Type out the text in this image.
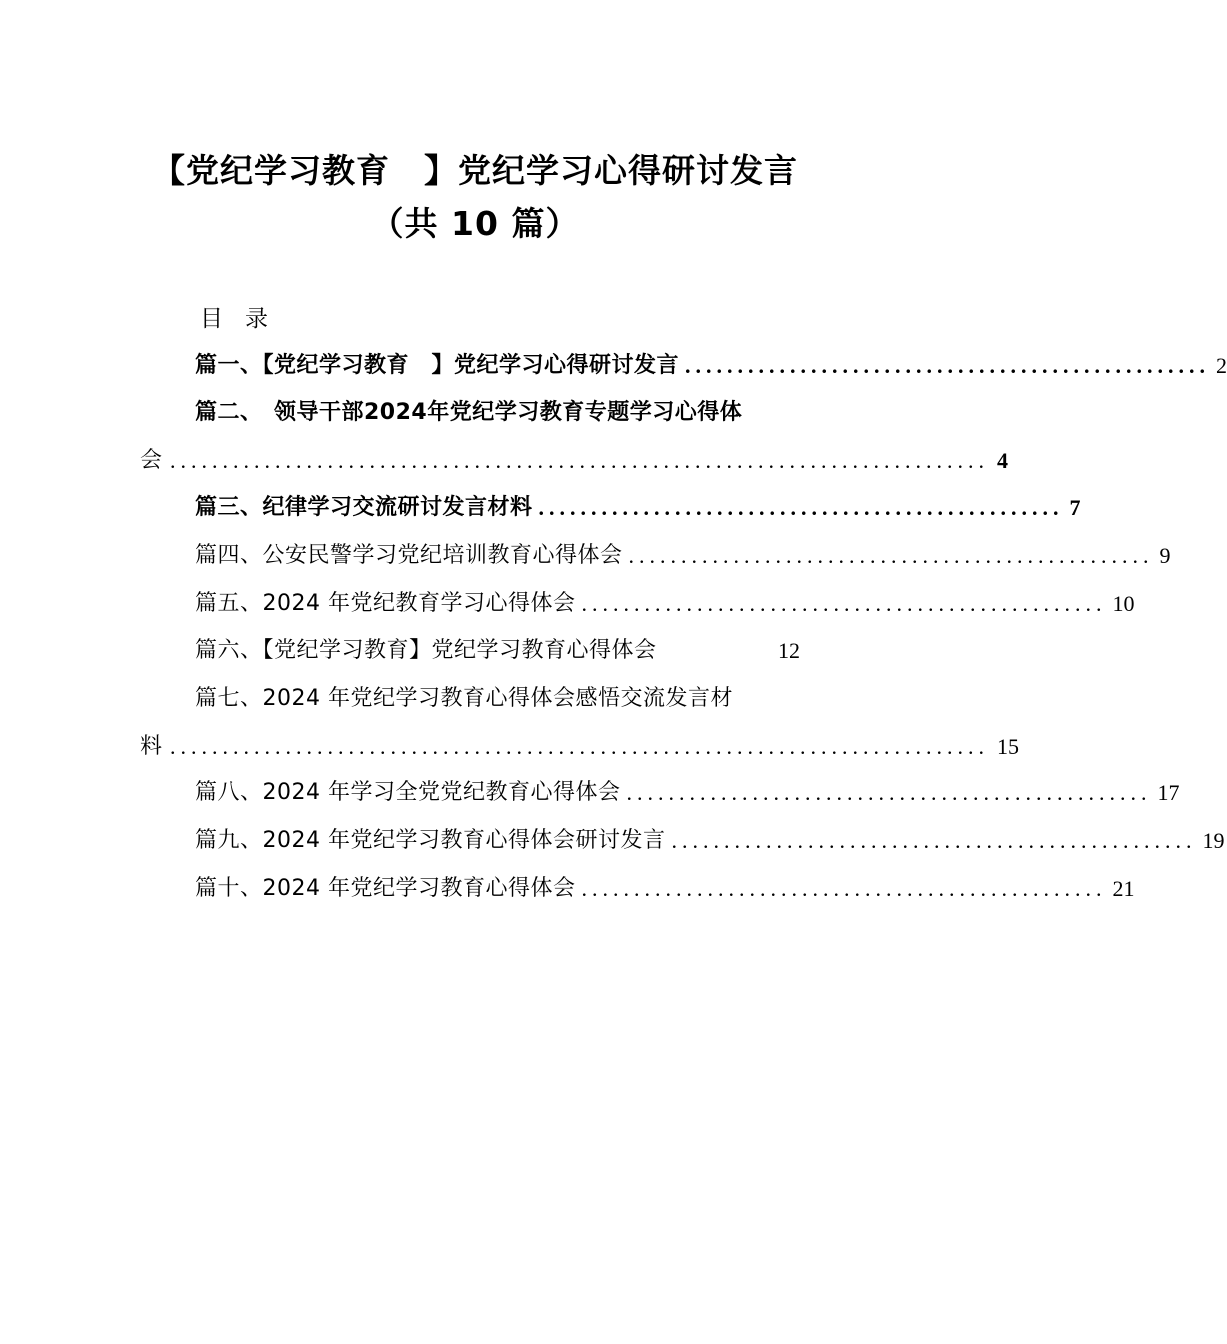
【党纪学习教育　】党纪学习心得研讨发言
（共 10 篇）
目录
篇一、【党纪学习教育　】党纪学习心得研讨发言 .................................................. 2
篇二、　领导干部2024年党纪学习教育专题学习心得体
会 .............................................................................. 4
篇三、纪律学习交流研讨发言材料 .................................................. 7
篇四、公安民警学习党纪培训教育心得体会 .................................................. 9
篇五、2024 年党纪教育学习心得体会 .................................................. 10
篇六、【党纪学习教育】党纪学习教育心得体会	12
篇七、2024 年党纪学习教育心得体会感悟交流发言材
料 .............................................................................. 15
篇八、2024 年学习全党党纪教育心得体会 .................................................. 17
篇九、2024 年党纪学习教育心得体会研讨发言 .................................................. 19
篇十、2024 年党纪学习教育心得体会 .................................................. 21
